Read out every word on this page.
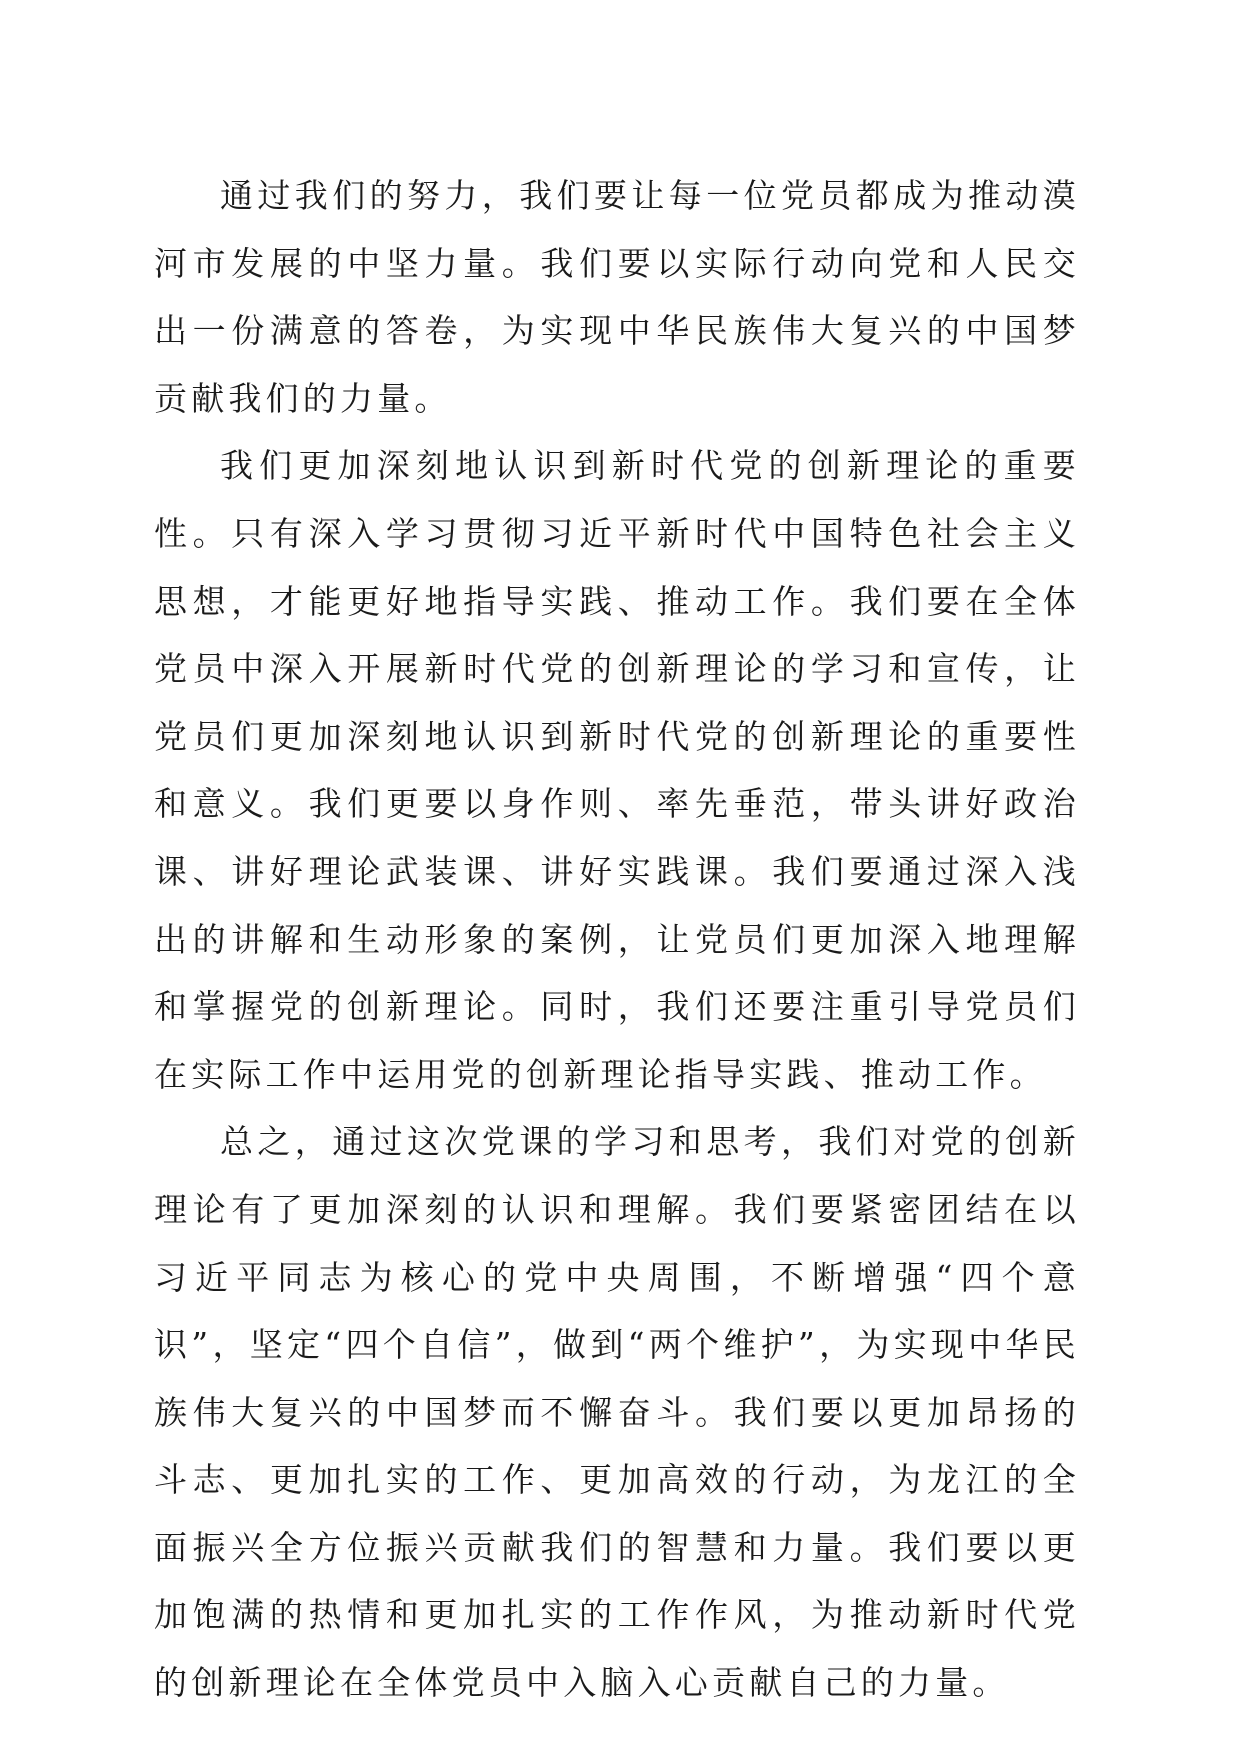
通过我们的努力，我们要让每一位党员都成为推动漠河市发展的中坚力量。我们要以实际行动向党和人民交出一份满意的答卷，为实现中华民族伟大复兴的中国梦贡献我们的力量。

我们更加深刻地认识到新时代党的创新理论的重要性。只有深入学习贯彻习近平新时代中国特色社会主义思想，才能更好地指导实践、推动工作。我们要在全体党员中深入开展新时代党的创新理论的学习和宣传，让党员们更加深刻地认识到新时代党的创新理论的重要性和意义。我们更要以身作则、率先垂范，带头讲好政治课、讲好理论武装课、讲好实践课。我们要通过深入浅出的讲解和生动形象的案例，让党员们更加深入地理解和掌握党的创新理论。同时，我们还要注重引导党员们在实际工作中运用党的创新理论指导实践、推动工作。

总之，通过这次党课的学习和思考，我们对党的创新理论有了更加深刻的认识和理解。我们要紧密团结在以习近平同志为核心的党中央周围，不断增强“四个意识”，坚定“四个自信”，做到“两个维护”，为实现中华民族伟大复兴的中国梦而不懈奋斗。我们要以更加昂扬的斗志、更加扎实的工作、更加高效的行动，为龙江的全面振兴全方位振兴贡献我们的智慧和力量。我们要以更加饱满的热情和更加扎实的工作作风，为推动新时代党的创新理论在全体党员中入脑入心贡献自己的力量。
